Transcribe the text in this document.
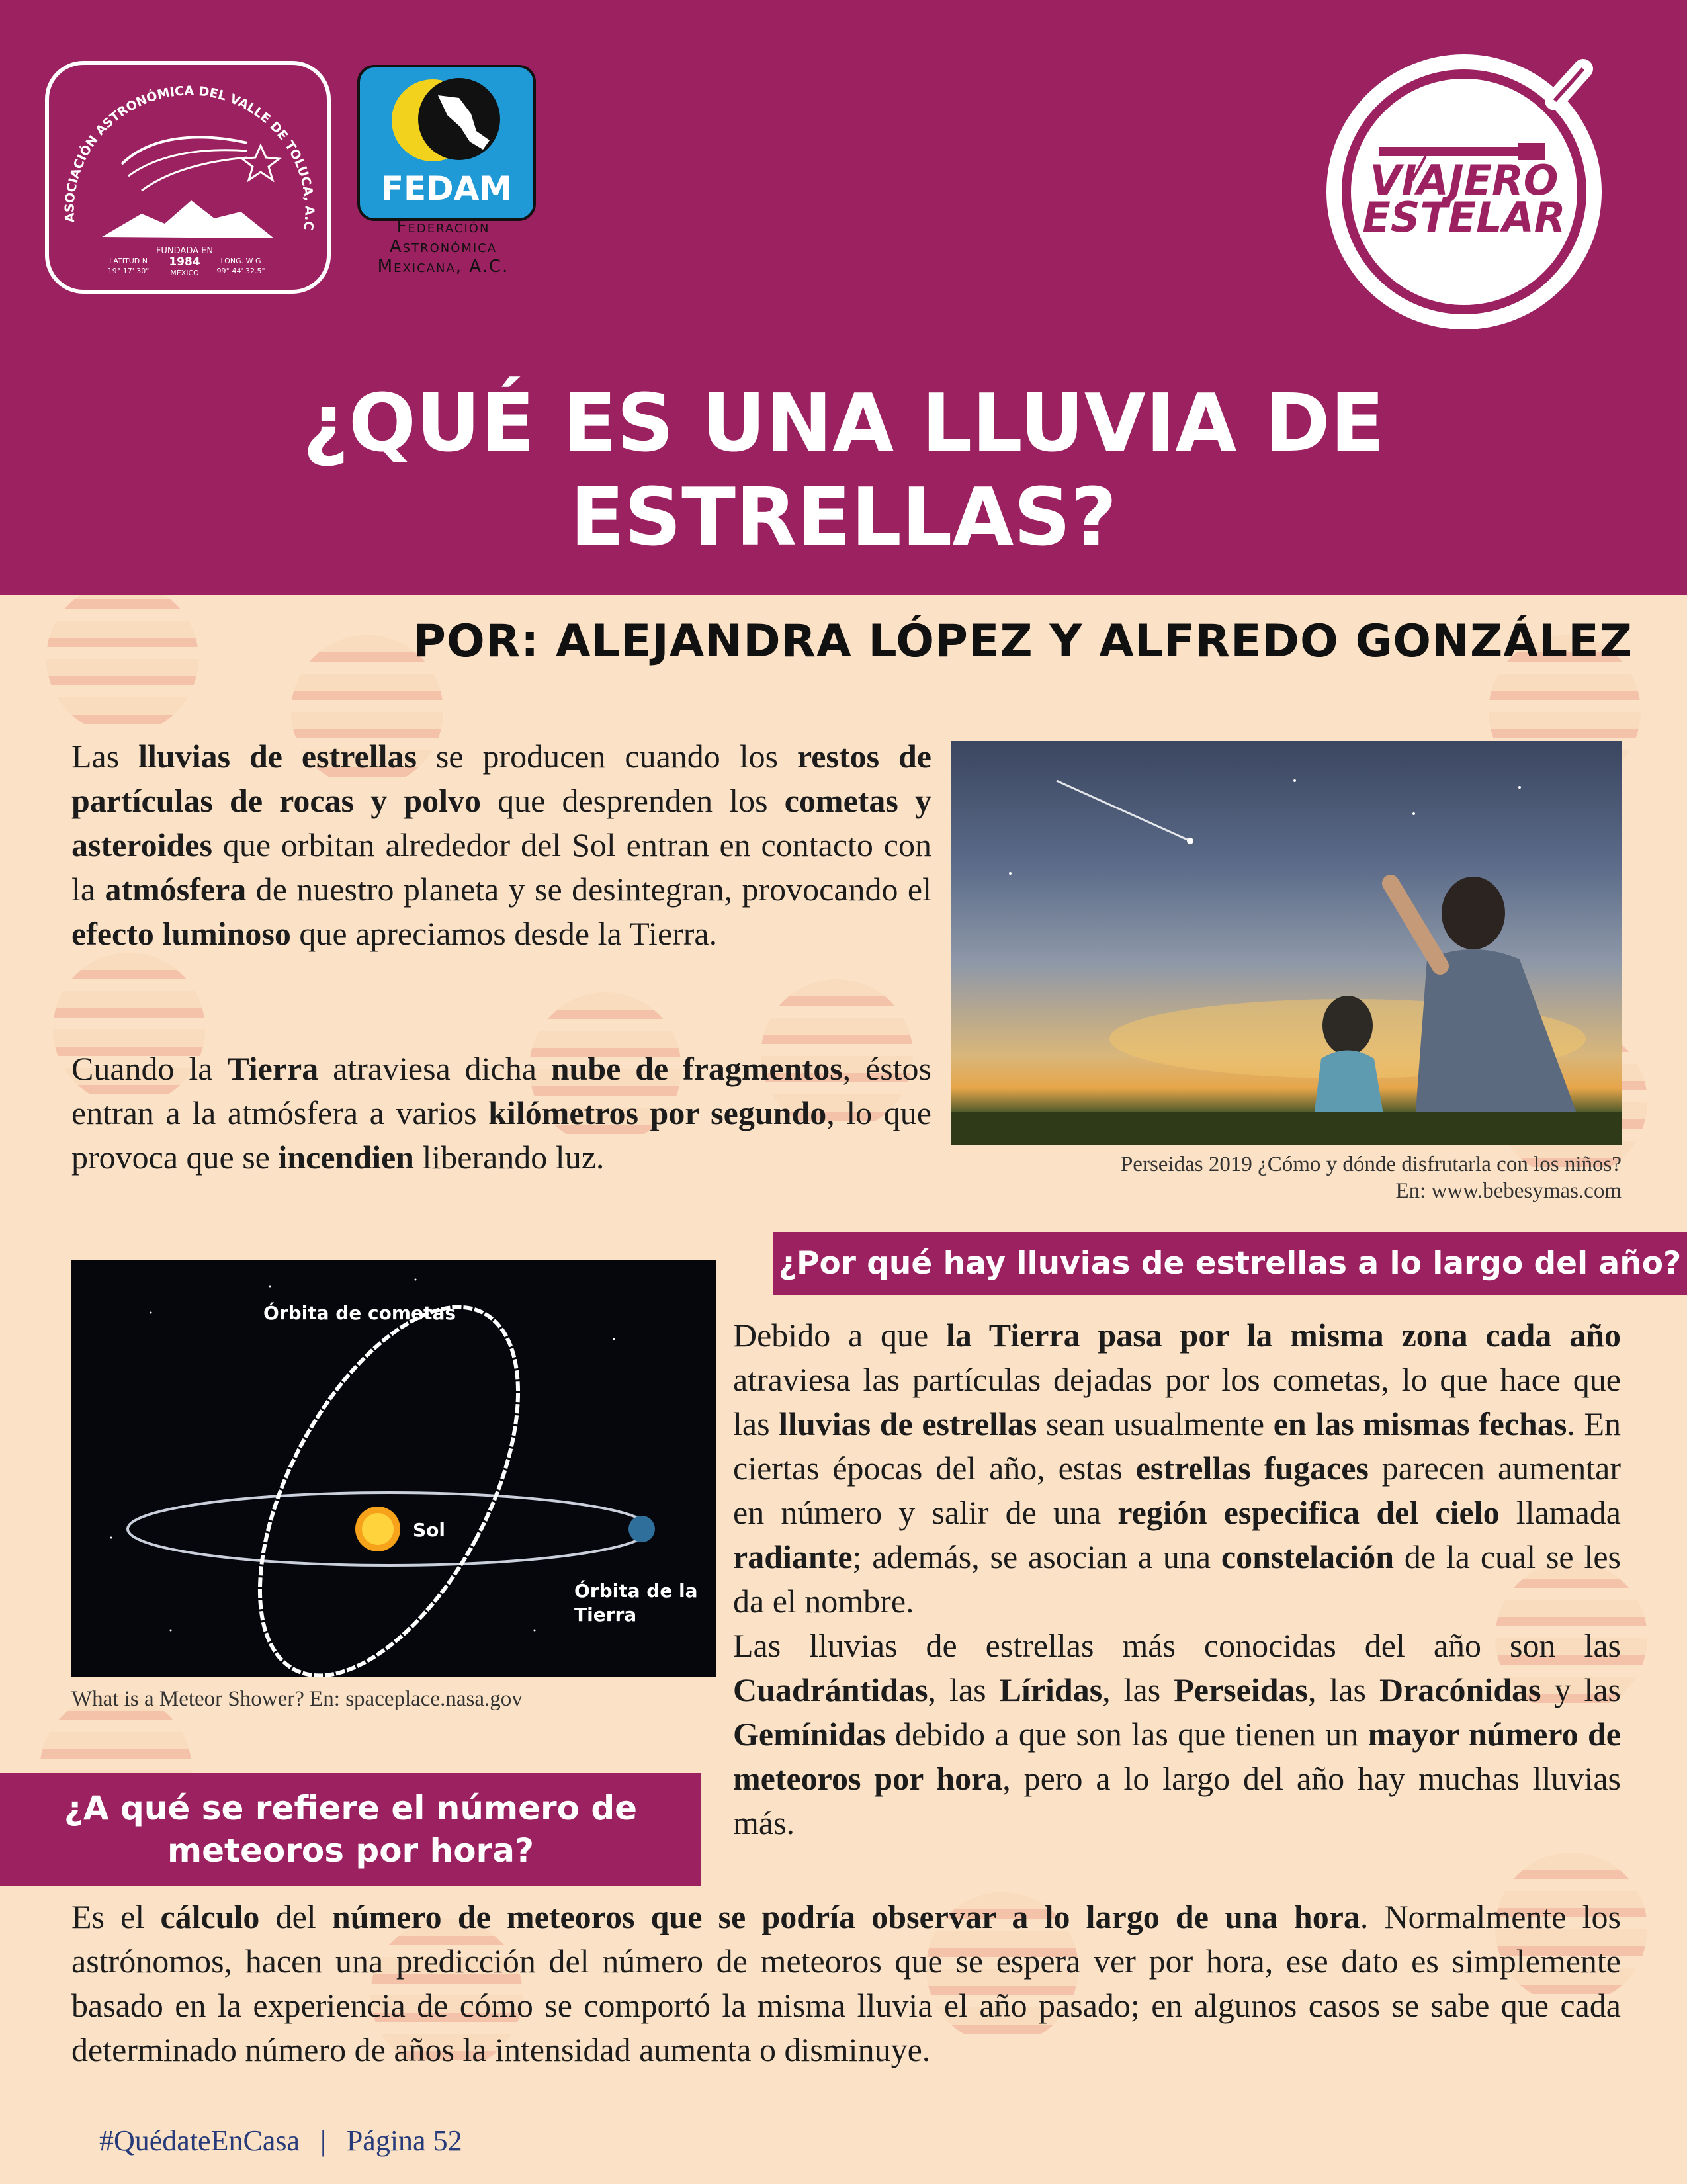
ASOCIACIÓN ASTRONÓMICA DEL VALLE DE TOLUCA, A.C
FUNDADA EN
1984
MÉXICO
LATITUD N
19° 17' 30"
LONG. W G
99° 44' 32.5"
FEDAM
Federación
Astronómica
Mexicana, A.C.
VIAJERO
ESTELAR
¿QUÉ ES UNA LLUVIA DE
ESTRELLAS?
POR: ALEJANDRA LÓPEZ Y ALFREDO GONZÁLEZ

Las lluvias de estrellas se producen cuando los restos de partículas de rocas y polvo que desprenden los cometas y asteroides que orbitan alrededor del Sol entran en contacto con la atmósfera de nuestro planeta y se desintegran, provocando el efecto luminoso que apreciamos desde la Tierra.

Cuando la Tierra atraviesa dicha nube de fragmentos, éstos entran a la atmósfera a varios kilómetros por segundo, lo que provoca que se incendien liberando luz.	Perseidas 2019 ¿Cómo y dónde disfrutarla con los niños?
En: www.bebesymas.com
¿Por qué hay lluvias de estrellas a lo largo del año?
Órbita de cometas
Sol
Órbita de la
Tierra
What is a Meteor Shower? En: spaceplace.nasa.gov

Debido a que la Tierra pasa por la misma zona cada año atraviesa las partículas dejadas por los cometas, lo que hace que las lluvias de estrellas sean usualmente en las mismas fechas. En ciertas épocas del año, estas estrellas fugaces parecen aumentar en número y salir de una región especifica del cielo llamada radiante; además, se asocian a una constelación de la cual se les da el nombre.

Las lluvias de estrellas más conocidas del año son las Cuadrántidas, las Líridas, las Perseidas, las Dracónidas y las Gemínidas debido a que son las que tienen un mayor número de meteoros por hora, pero a lo largo del año hay muchas lluvias más.

¿A qué se refiere el número de
meteoros por hora?

Es el cálculo del número de meteoros que se podría observar a lo largo de una hora. Normalmente los astrónomos, hacen una predicción del número de meteoros que se espera ver por hora, ese dato es simplemente basado en la experiencia de cómo se comportó la misma lluvia el año pasado; en algunos casos se sabe que cada determinado número de años la intensidad aumenta o disminuye.

#QuédateEnCasa | Página 52
